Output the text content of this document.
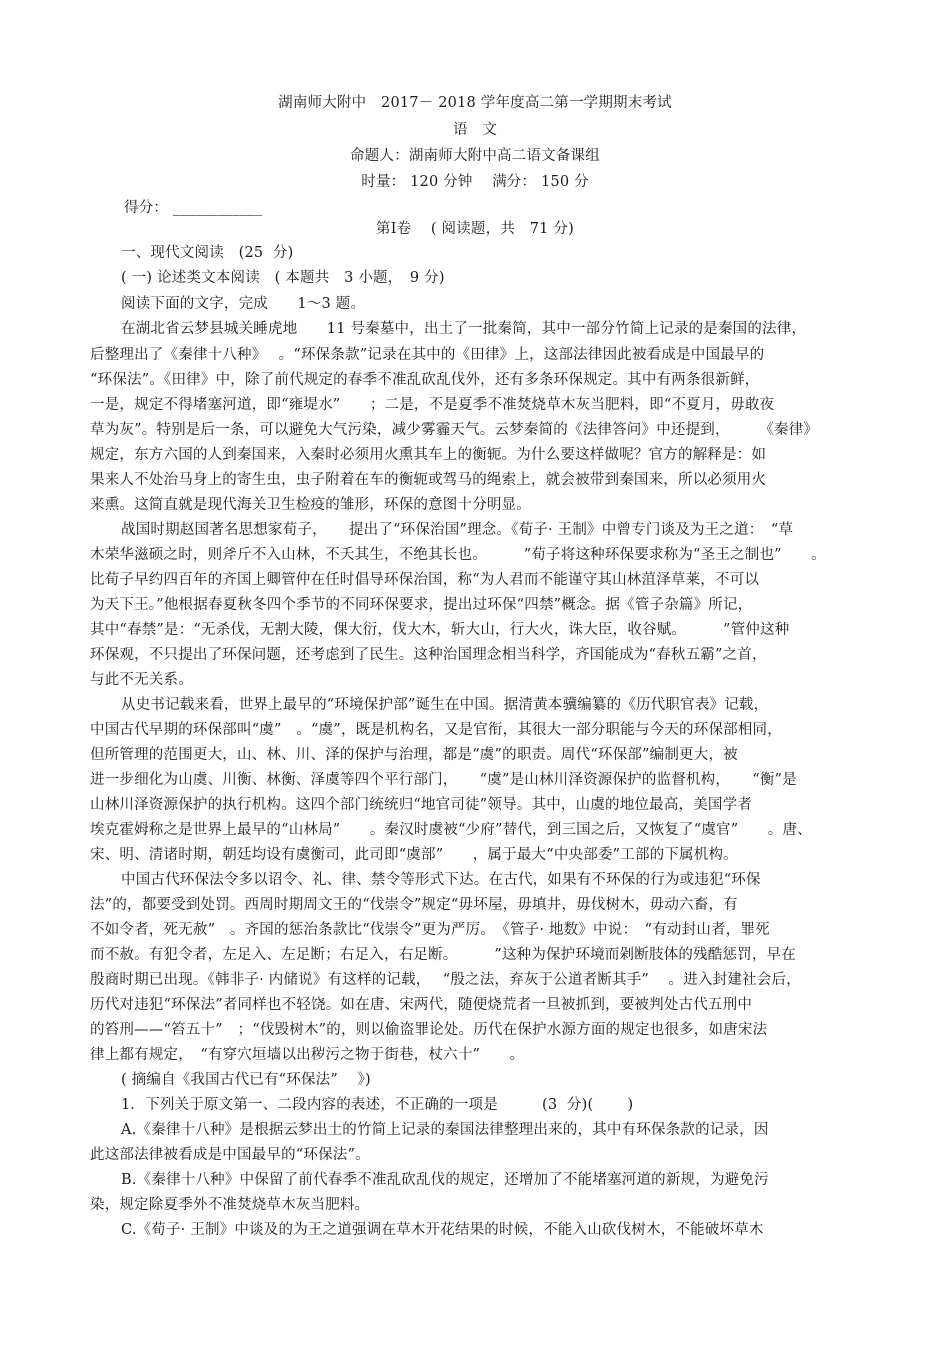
湖南师大附中　2017－ 2018 学年度高二第一学期期末考试
语　文
命题人：湖南师大附中高二语文备课组
时量： 120 分钟　 满分： 150 分
得分： ____________
第Ⅰ卷　 ( 阅读题，共　71 分)
一、现代文阅读　(25  分)
( 一) 论述类文本阅读　( 本题共　3 小题，　9 分)
阅读下面的文字，完成　　1～3 题。
在湖北省云梦县城关睡虎地　　11 号秦墓中，出土了一批秦简，其中一部分竹简上记录的是秦国的法律，
后整理出了《秦律十八种》　 。“环保条款”记录在其中的《田律》上，这部法律因此被看成是中国最早的
“环保法”。《田律》中，除了前代规定的春季不准乱砍乱伐外，还有多条环保规定。其中有两条很新鲜，
一是，规定不得堵塞河道，即“雍堤水”　　；二是，不是夏季不准焚烧草木灰当肥料，即“不夏月，毋敢夜
草为灰”。特别是后一条，可以避免大气污染，减少雾霾天气。云梦秦简的《法律答问》中还提到，　　　《秦律》
规定，东方六国的人到秦国来，入秦时必须用火熏其车上的衡轭。为什么要这样做呢？官方的解释是：如
果来人不处治马身上的寄生虫，虫子附着在车的衡轭或驾马的绳索上，就会被带到秦国来，所以必须用火
来熏。这简直就是现代海关卫生检疫的雏形，环保的意图十分明显。
战国时期赵国著名思想家荀子，　　提出了“环保治国”理念。《荀子· 王制》中曾专门谈及为王之道：　“草
木荣华滋硕之时，则斧斤不入山林，不夭其生，不绝其长也。　　　”荀子将这种环保要求称为“圣王之制也”　　。
比荀子早约四百年的齐国上卿管仲在任时倡导环保治国，称“为人君而不能谨守其山林菹泽草莱，不可以
为天下王。”他根据春夏秋冬四个季节的不同环保要求，提出过环保“四禁”概念。据《管子杂篇》所记，
其中“春禁”是：“无杀伐，无割大陵，倮大衍，伐大木，斩大山，行大火，诛大臣，收谷赋。　　　”管仲这种
环保观，不只提出了环保问题，还考虑到了民生。这种治国理念相当科学，齐国能成为“春秋五霸”之首，
与此不无关系。
从史书记载来看，世界上最早的“环境保护部”诞生在中国。据清黄本骥编纂的《历代职官表》记载，
中国古代早期的环保部叫“虞”　。“虞”，既是机构名，又是官衔，其很大一部分职能与今天的环保部相同，
但所管理的范围更大，山、林、川、泽的保护与治理，都是“虞”的职责。周代“环保部”编制更大，被
进一步细化为山虞、川衡、林衡、泽虞等四个平行部门，　　“虞”是山林川泽资源保护的监督机构，　　“衡”是
山林川泽资源保护的执行机构。这四个部门统统归“地官司徒”领导。其中，山虞的地位最高，美国学者
埃克霍姆称之是世界上最早的“山林局”　　。秦汉时虞被“少府”替代，到三国之后，又恢复了“虞官”　　。唐、
宋、明、清诸时期，朝廷均设有虞衡司，此司即“虞部”　　，属于最大“中央部委”工部的下属机构。
中国古代环保法令多以诏令、礼、律、禁令等形式下达。在古代，如果有不环保的行为或违犯“环保
法”的，都要受到处罚。西周时期周文王的“伐崇令”规定“毋坏屋，毋填井，毋伐树木，毋动六畜，有
不如令者，死无赦”　。齐国的惩治条款比“伐崇令”更为严厉。　《管子· 地数》中说：　“有动封山者，罪死
而不赦。有犯令者，左足入、左足断；右足入，右足断。　　　”这种为保护环境而剁断肢体的残酷惩罚，早在
殷商时期已出现。《韩非子· 内储说》有这样的记载，　 “殷之法，弃灰于公道者断其手”　 。进入封建社会后，
历代对违犯“环保法”者同样也不轻饶。如在唐、宋两代，随便烧荒者一旦被抓到，要被判处古代五刑中
的笞刑——“笞五十”　；“伐毁树木”的，则以偷盗罪论处。历代在保护水源方面的规定也很多，如唐宋法
律上都有规定，　“有穿穴垣墙以出秽污之物于街巷，杖六十”　　。
( 摘编自《我国古代已有“环保法”　 》)
1．下列关于原文第一、二段内容的表述，不正确的一项是　　　(3  分)(　　 )
A.《秦律十八种》是根据云梦出土的竹简上记录的秦国法律整理出来的，其中有环保条款的记录，因
此这部法律被看成是中国最早的“环保法”。
B.《秦律十八种》中保留了前代春季不准乱砍乱伐的规定，还增加了不能堵塞河道的新规，为避免污
染，规定除夏季外不准焚烧草木灰当肥料。
C.《荀子· 王制》中谈及的为王之道强调在草木开花结果的时候，不能入山砍伐树木，不能破坏草木
